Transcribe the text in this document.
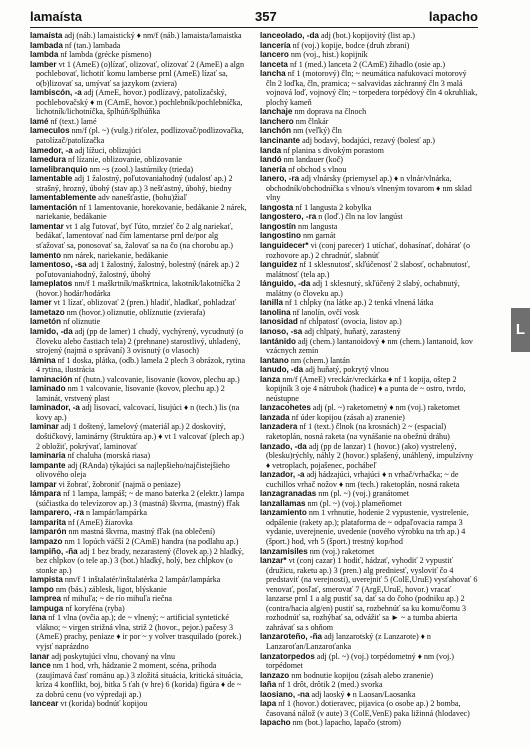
lamaísta	357	lapacho

lamaísta adj (náb.) lamaistický ♦ nm/f (náb.) lamaista/lamaistka

lambada nf (tan.) lambada

lambda nf lambda (grécke písmeno)

lamber vt 1 (AmeE) (o)lízať, olizovať, olizovať 2 (AmeE) a algn pochlebovať, lichotiť komu lamberse prnl (AmeE) lízať sa, o(b)lizovať sa, umývať sa jazykom (zviera)

lambiscón, -a adj (AmeE, hovor.) podlízavý, patolízačský, pochlebovačský ♦ m (CAmE, hovor.) pochlebník/pochlebníčka, lichotník/lichotníčka, šplhúň/šplhúňka

lamé nf (text.) lamé

lameculos nm/f (pl. ~) (vulg.) riťolez, podlizovač/podlizovačka, patolízač/patolízačka

lamedor, -a adj lížuci, oblizujúci

lamedura nf lízanie, oblizovanie, oblizovanie

lamelibranquio nm ~s (zool.) lastúrniky (trieda)

lamentable adj 1 žalostný, poľutovaniahodný (udalosť ap.) 2 strašný, hrozný, úbohý (stav ap.) 3 nešťastný, úbohý, biedny

lamentablemente adv nanešťastie, (bohu)žiaľ

lamentación nf 1 lamentovanie, horekovanie, bedákanie 2 nárek, nariekanie, bedákanie

lamentar vt 1 alg ľutovať, byť ľúto, mrzieť čo 2 alg nariekať, bedákať, lamentovať nad čím lamentarse prnl de/por alg sťažovať sa, ponosovať sa, žalovať sa na čo (na chorobu ap.)

lamento nm nárek, nariekanie, bedákanie

lamentoso, -sa adj 1 žalostný, žalostný, bolestný (nárek ap.) 2 poľutovaniahodný, žalostný, úbohý

lameplatos nm/f 1 maškrtník/maškrtnica, lakotník/lakotníčka 2 (hovor.) hodár/hodárka

lamer vt 1 lízať, oblizovať 2 (pren.) hladiť, hladkať, pohladzať

lametazo nm (hovor.) oliznutie, oblíznutie (zvierafa)

lametón nf oliznutie

lamido, -da adj (pp de lamer) 1 chudý, vychýrený, vycudnutý (o človeku alebo častiach tela) 2 (prehnane) starostlivý, uhladený, strojený (najmä o správaní) 3 ovisnutý (o vlasoch)

lámina nf 1 doska, plátka, (odb.) lamela 2 plech 3 obrázok, rytina 4 rytina, ilustrácia

laminación nf (hutn.) valcovanie, lisovanie (kovov, plechu ap.)

laminado nm 1 valcovanie, lisovanie (kovov, plechu ap.) 2 laminát, vrstvený plast

laminador, -a adj lisovací, valcovací, lisujúci ♦ n (tech.) lis (na kovy ap.)

laminar adj 1 doštený, lamelový (materiál ap.) 2 doskovitý, doštičkový, laminárny (štruktúra ap.) ♦ vt 1 valcovať (plech ap.) 2 obložiť, pokrývať, laminovať

laminaria nf chaluha (morská riasa)

lampante adj (RAnda) týkajúci sa najlepšieho/najčistejšieho olivového oleja

lampar vi žobrať, žobroniť (najmä o peniaze)

lámpara nf 1 lampa, lampáš; ~ de mano baterka 2 (elektr.) lampa (súčiastka do televízorov ap.) 3 (mastná) škvrna, (mastný) fľak

lamparero, -ra n lampár/lampárka

lamparita nf (AmeE) žiarovka

lamparón nm mastná škvrna, mastný fľak (na oblečení)

lampazo nm 1 lopúch väčší 2 (CAmE) handra (na podlahu ap.)

lampiño, -ña adj 1 bez brady, nezarastený (človek ap.) 2 hladký, bez chĺpkov (o tele ap.) 3 (bot.) hladký, holý, bez chĺpkov (o stonke ap.)

lampista nm/f 1 inštalatér/inštalatérka 2 lampár/lampárka

lampo nm (bás.) záblesk, ligot, blýskanie

lamprea nf mihuľa; ~ de río mihuľa riečna

lampuga nf koryféna (ryba)

lana nf 1 vlna (ovčia ap.); de ~ vlnený; ~ artificial syntetické vlákno; ~ virgen strižná vlna, striž 2 (hovor., pejor.) pačesy 3 (AmeE) prachy, peniaze ♦ ir por ~ y volver trasquilado (porek.) vyjsť naprázdno

lanar adj poskytujúci vlnu, chovaný na vlnu

lance nm 1 hod, vrh, hádzanie 2 moment, scéna, príhoda (zaujímavá časť románu ap.) 3 zložitá situácia, kritická situácia, kríza 4 konflikt, boj, bitka 5 ťah (v hre) 6 (korida) figúra ♦ de ~ za dobrú cenu (vo výpredaji ap.)

lancear vt (korida) bodnúť kopijou

lanceolado, -da adj (bot.) kopijovitý (list ap.)

lancería nf (voj.) kopije, bodce (druh zbrani)

lancero nm (voj., hist.) kopijník

lanceta nf 1 (med.) lanceta 2 (CAmE) žihadlo (osie ap.)

lancha nf 1 (motorový) čln; ~ neumática nafukovací motorový čln 2 loďka, čln, pramica; ~ salvavidas záchranný čln 3 malá vojnová loď, vojnový čln; ~ torpedera torpédový čln 4 okruhliak, plochý kameň

lanchaje nm doprava na člnoch

lanchero nm člnkár

lanchón nm (veľký) čln

lancinante adj bodavý, bodajúci, rezavý (bolesť ap.)

landa nf planina s divokým porastom

landó nm landauer (koč)

lanería nf obchod s vlnou

lanero, -ra adj vlnársky (priemysel ap.) ♦ n vlnár/vlnárka, obchodník/obchodníčka s vlnou/s vlneným tovarom ♦ nm sklad vlny

langosta nf 1 langusta 2 kobylka

langostero, -ra n (loď.) čln na lov langúst

langostín nm langusta

langostino nm garnát

languidecer* vi (conj parecer) 1 utíchať, dohasínať, dohárať (o rozhovore ap.) 2 chradnúť, slabnúť

languidez nf 1 sklesnutosť, skľúčenosť 2 slabosť, ochabnutosť, malátnosť (tela ap.)

lánguido, -da adj 1 sklesnutý, skľúčený 2 slabý, ochabnutý, malátny (o človeku ap.)

lanilla nf 1 chĺpky (na látke ap.) 2 tenká vlnená látka

lanolina nf lanolín, ovčí vosk

lanosidad nf chĺpatosť (ovocia, listov ap.)

lanoso, -sa adj chlpatý, huňatý, zarastený

lantánido adj (chem.) lantanoidový ♦ nm (chem.) lantanoid, kov vzácnych zemín

lantano nm (chem.) lantán

lanudo, -da adj huňatý, pokrytý vlnou

lanza nm/f (AmeE) vreckár/vreckárka ♦ nf 1 kopija, oštep 2 kopijník 3 oje 4 nátrubok (hadice) ♦ a punta de ~ ostro, tvrdo, neústupne

lanzacohetes adj (pl. ~) raketometný ♦ nm (voj.) raketomet

lanzada nf úder kopijou (zásah a) zranenie)

lanzadera nf 1 (text.) člnok (na krosnách) 2 ~ (espacial) raketoplán, nosná raketa (na vynášanie na obežnú dráhu)

lanzado, -da adj (pp de lanzar) 1 (hovor.) (ako) vystrelený, (blesku)rýchly, náhly 2 (hovor.) splašený, unáhlený, impulzívny ♦ vetroplach, pojašenec, pochábeľ

lanzador, -a adj hádzajúci, vrhajúci ♦ n vrhač/vrhačka; ~ de cuchillos vrhač nožov ♦ nm (tech.) raketoplán, nosná raketa

lanzagranadas nm (pl. ~) (voj.) granátomet

lanzallamas nm (pl. ~) (voj.) plameňomet

lanzamiento nm 1 vrhnutie, hodenie 2 vypustenie, vystrelenie, odpálenie (rakety ap.); plataforma de ~ odpaľovacia rampa 3 vydanie, uverejnenie, uvedenie (nového výrobku na trh ap.) 4 (šport.) hod, vrh 5 (šport.) trestný kop/hod

lanzamisiles nm (voj.) raketomet

lanzar* vt (conj cazar) 1 hodiť, hádzať, vyhodiť 2 vypustiť (družicu, raketu ap.) 3 (pren.) alg predniesť, vysloviť čo 4 predstaviť (na verejnosti), uverejniť 5 (ColE,UruE) vysťahovať 6 venovať, posľať, smerovať 7 (ArgE,UruE, hovor.) vracať lanzarse prnl 1 a alg pustiť sa, dať sa do čoho (podniku ap.) 2 (contra/hacia alg/en) pustiť sa, rozbehnúť sa ku komu/čomu 3 rozhodnúť sa, rozhýbať sa, odvážiť sa ► ~ a tumba abierta zahrávať sa s ohňom

lanzaroteño, -ña adj lanzarotský (z Lanzarote) ♦ n Lanzaroťan/Lanzaroťanka

lanzatorpedos adj (pl. ~) (voj.) torpédometný ♦ nm (voj.) torpédomet

lanzazo nm bodnutie kopijou (zásah alebo zranenie)

laña nf 1 drôt, drôtik 2 (med.) svorka

laosiano, -na adj laoský ♦ n Laosan/Laosanka

lapa nf 1 (hovor.) dotieravec, pijavica (o osobe ap.) 2 bomba, časovaná nálož (v aute) 3 (ColE,VenE) paka ližinná (hlodavec)

lapacho nm (bot.) lapacho, lapačo (strom)

L
